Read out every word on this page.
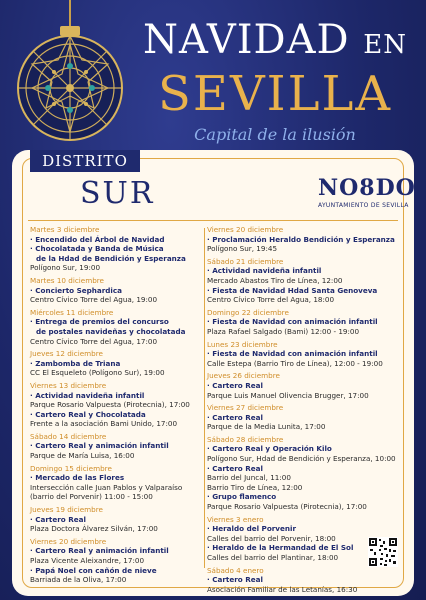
NAVIDAD EN
SEVILLA
Capital de la ilusión
DISTRITO
SUR	NO8DO
AYUNTAMIENTO DE SEVILLA
Martes 3 diciembre
· Encendido del Árbol de Navidad
· Chocolatada y Banda de Música
de la Hdad de Bendición y Esperanza
Polígono Sur, 19:00
Martes 10 diciembre
· Concierto Sephardica
Centro Cívico Torre del Agua, 19:00
Miércoles 11 diciembre
· Entrega de premios del concurso
de postales navideñas y chocolatada
Centro Cívico Torre del Agua, 17:00
Jueves 12 diciembre
· Zambomba de Triana
CC El Esqueleto (Polígono Sur), 19:00
Viernes 13 diciembre
· Actividad navideña infantil
Parque Rosario Valpuesta (Pirotecnia), 17:00
· Cartero Real y Chocolatada
Frente a la asociación Bami Unido, 17:00
Sábado 14 diciembre
· Cartero Real y animación infantil
Parque de María Luisa, 16:00
Domingo 15 diciembre
· Mercado de las Flores
Intersección calle Juan Pablos y Valparaíso
(barrio del Porvenir) 11:00 - 15:00
Jueves 19 diciembre
· Cartero Real
Plaza Doctora Álvarez Silván, 17:00
Viernes 20 diciembre
· Cartero Real y animación infantil
Plaza Vicente Aleixandre, 17:00
· Papá Noel con cañón de nieve
Barriada de la Oliva, 17:00
Viernes 20 diciembre
· Proclamación Heraldo Bendición y Esperanza
Polígono Sur, 19:45
Sábado 21 diciembre
· Actividad navideña infantil
Mercado Abastos Tiro de Línea, 12:00
· Fiesta de Navidad Hdad Santa Genoveva
Centro Cívico Torre del Agua, 18:00
Domingo 22 diciembre
· Fiesta de Navidad con animación infantil
Plaza Rafael Salgado (Bami) 12:00 - 19:00
Lunes 23 diciembre
· Fiesta de Navidad con animación infantil
Calle Estepa (Barrio Tiro de Línea), 12:00 - 19:00
Jueves 26 diciembre
· Cartero Real
Parque Luis Manuel Olivencia Brugger, 17:00
Viernes 27 diciembre
· Cartero Real
Parque de la Media Lunita, 17:00
Sábado 28 diciembre
· Cartero Real y Operación Kilo
Polígono Sur, Hdad de Bendición y Esperanza, 10:00
· Cartero Real
Barrio del Juncal, 11:00
Barrio Tiro de Línea, 12:00
· Grupo flamenco
Parque Rosario Valpuesta (Pirotecnia), 17:00
Viernes 3 enero
· Heraldo del Porvenir
Calles del barrio del Porvenir, 18:00
· Heraldo de la Hermandad de El Sol
Calles del barrio del Plantinar, 18:00
Sábado 4 enero
· Cartero Real
Asociación Familiar de las Letanías, 16:30
